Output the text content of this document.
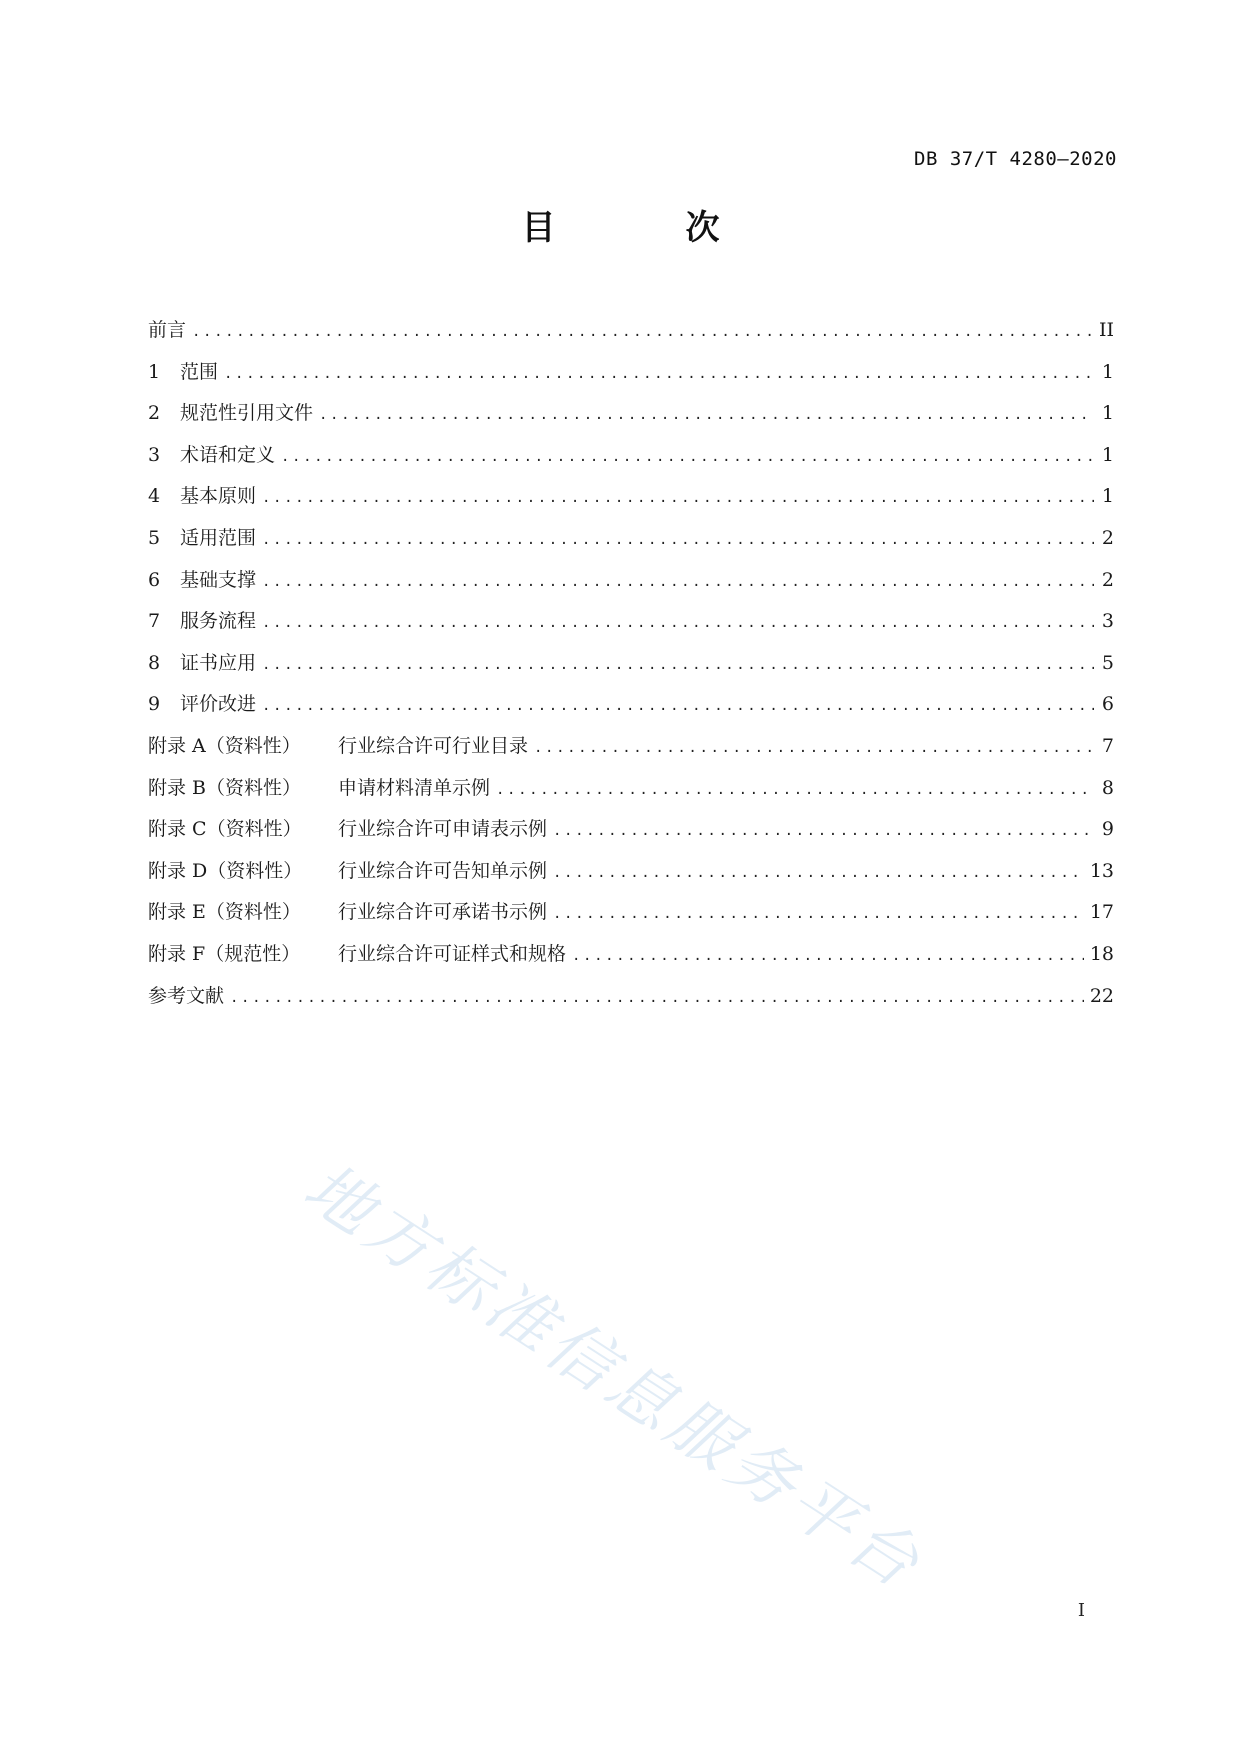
DB 37/T 4280—2020
目　次
前言 .....	II
1	范围 .....	1
2	规范性引用文件 .....	1
3	术语和定义 .....	1
4	基本原则 .....	1
5	适用范围 .....	2
6	基础支撑 .....	2
7	服务流程 .....	3
8	证书应用 .....	5
9	评价改进 .....	6
附录 A（资料性）	行业综合许可行业目录 .....	7
附录 B（资料性）	申请材料清单示例 .....	8
附录 C（资料性）	行业综合许可申请表示例 .....	9
附录 D（资料性）	行业综合许可告知单示例 .....	13
附录 E（资料性）	行业综合许可承诺书示例 .....	17
附录 F（规范性）	行业综合许可证样式和规格 .....	18
参考文献 .....	22
地方标准信息服务平台
I
